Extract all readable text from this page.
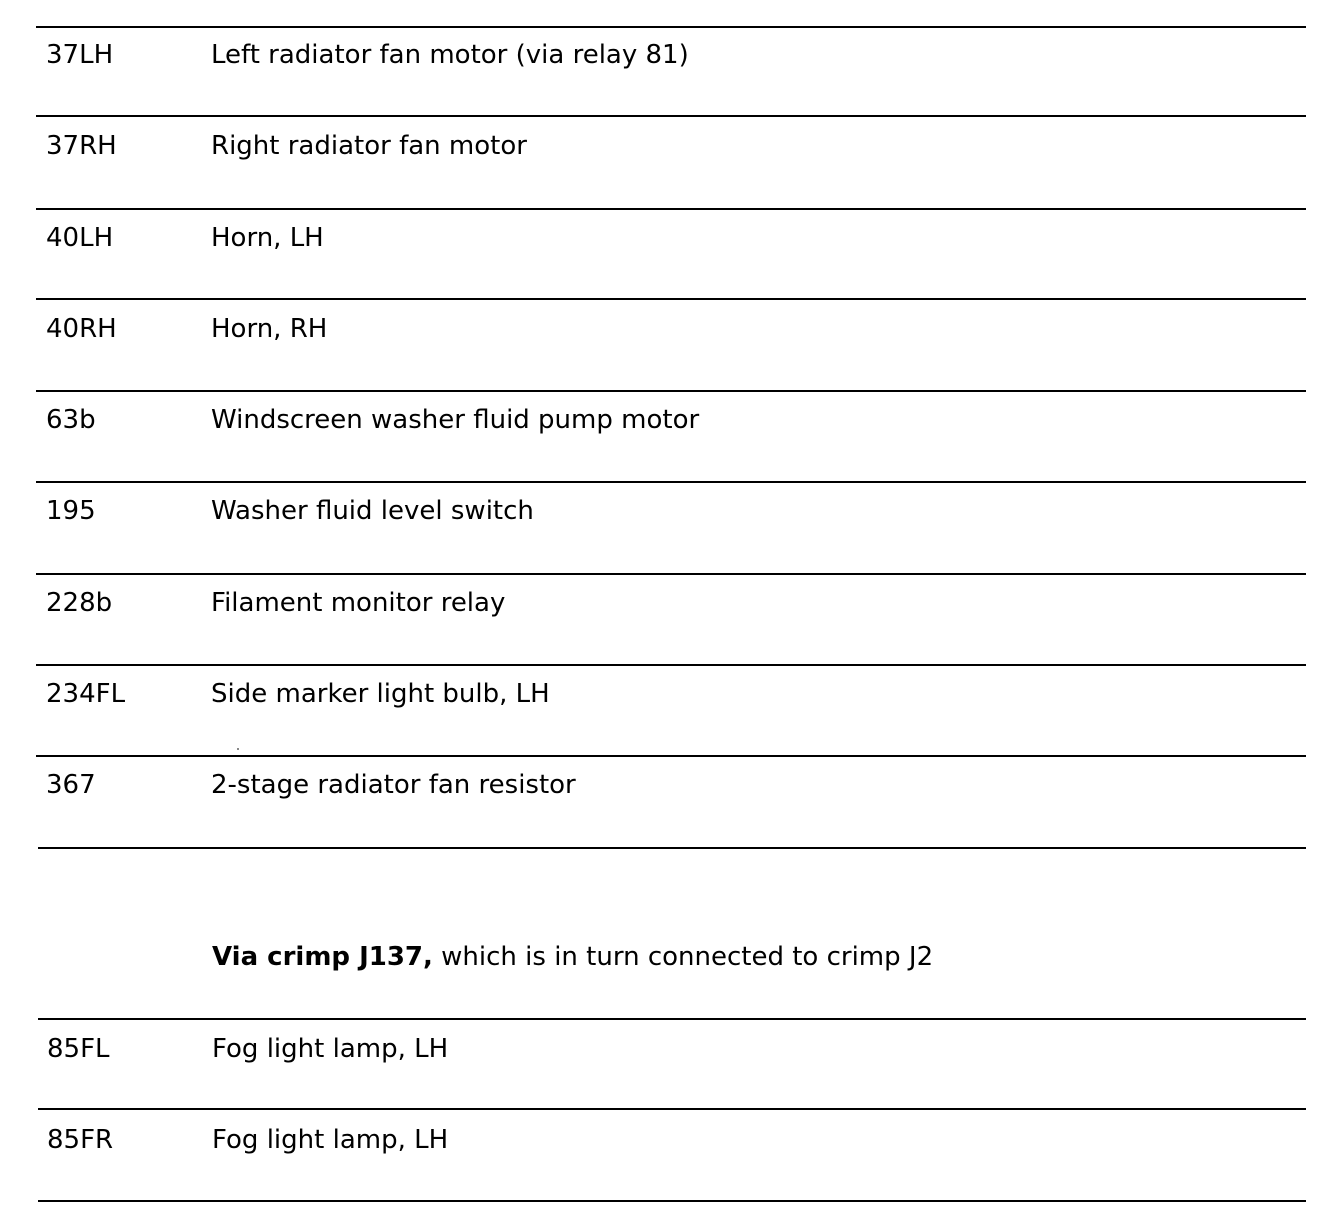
37LH	Left radiator fan motor (via relay 81)
37RH	Right radiator fan motor
40LH	Horn, LH
40RH	Horn, RH
63b	Windscreen washer fluid pump motor
195	Washer fluid level switch
228b	Filament monitor relay
234FL	Side marker light bulb, LH
367	2-stage radiator fan resistor
Via crimp J137, which is in turn connected to crimp J2
85FL	Fog light lamp, LH
85FR	Fog light lamp, LH
